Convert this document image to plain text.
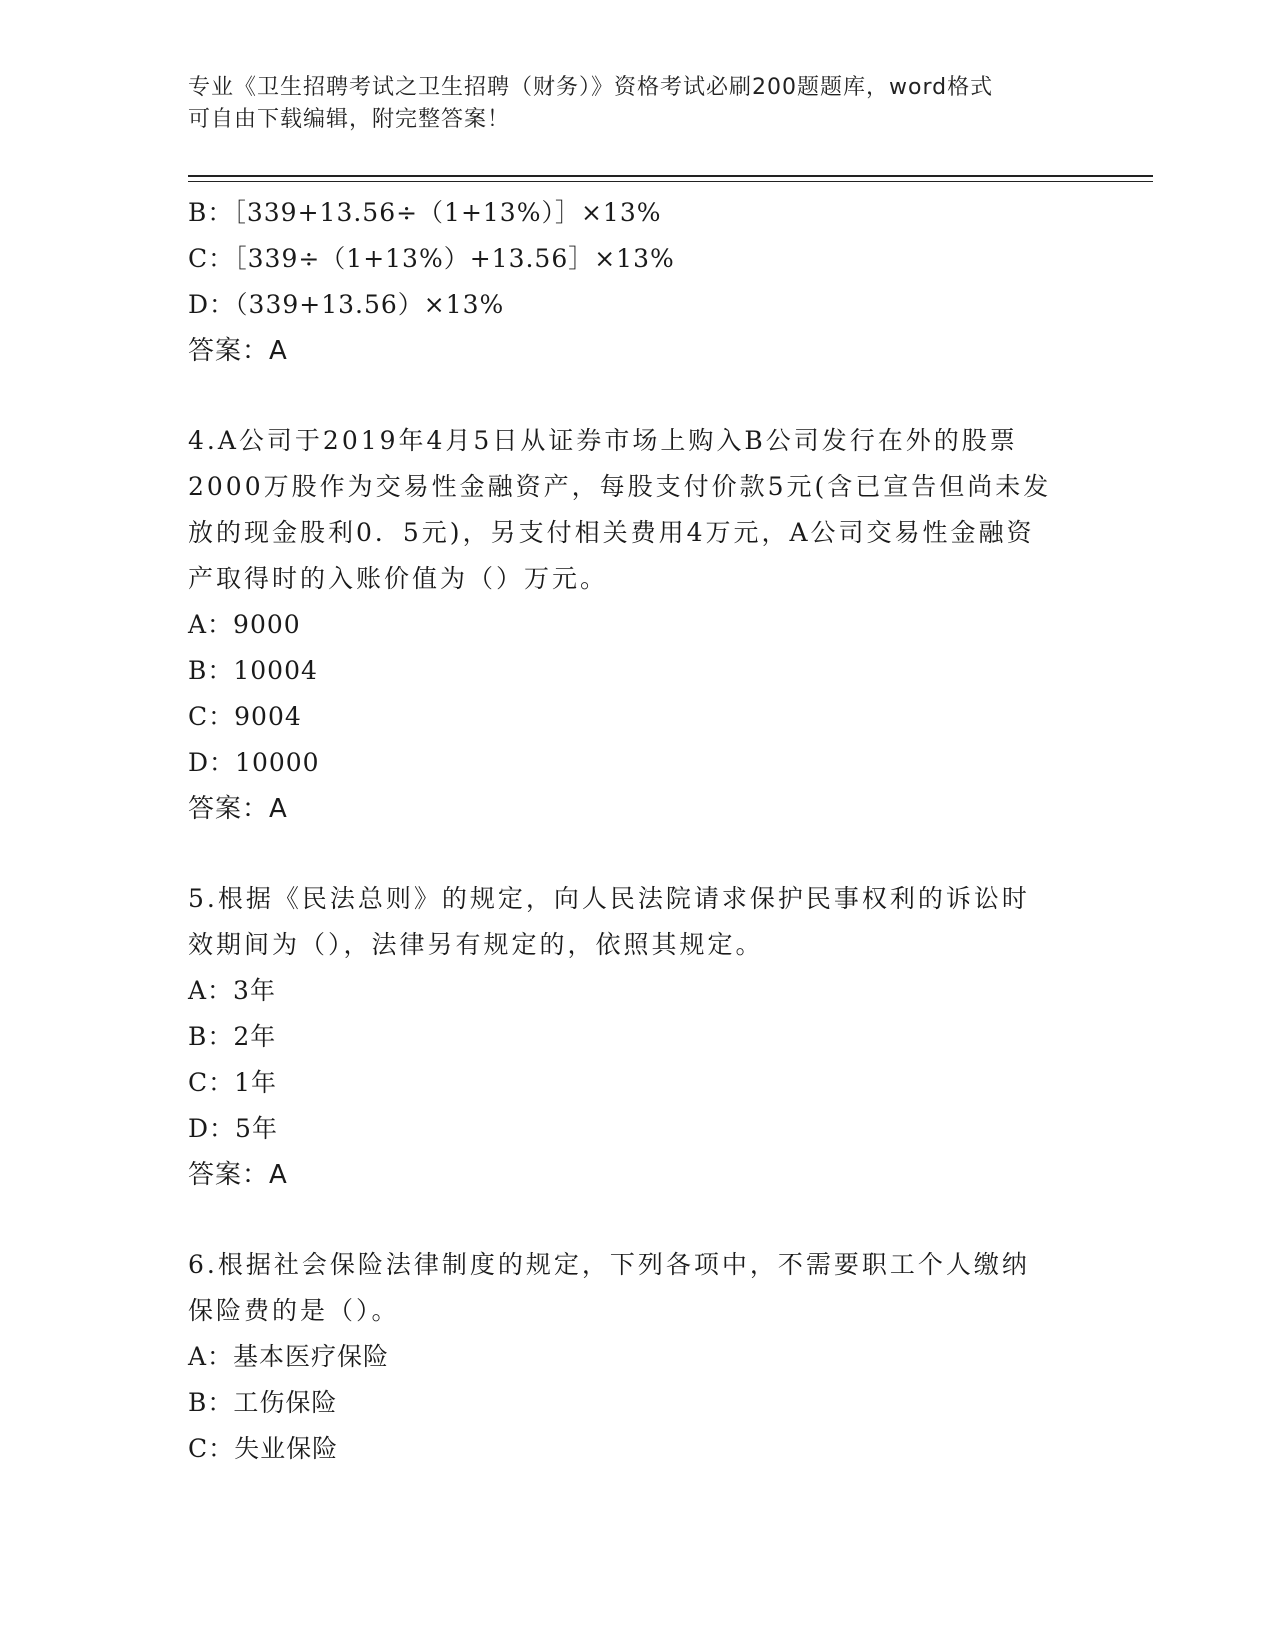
专业《卫生招聘考试之卫生招聘（财务）》资格考试必刷200题题库，word格式
可自由下载编辑，附完整答案！
B：［339+13.56÷（1+13%）］×13%
C：［339÷（1+13%）+13.56］×13%
D：（339+13.56）×13%
答案：A
4.A公司于2019年4月5日从证券市场上购入B公司发行在外的股票
2000万股作为交易性金融资产，每股支付价款5元(含已宣告但尚未发
放的现金股利0．5元)，另支付相关费用4万元，A公司交易性金融资
产取得时的入账价值为（）万元。
A：9000
B：10004
C：9004
D：10000
答案：A
5.根据《民法总则》的规定，向人民法院请求保护民事权利的诉讼时
效期间为（），法律另有规定的，依照其规定。
A：3年
B：2年
C：1年
D：5年
答案：A
6.根据社会保险法律制度的规定，下列各项中，不需要职工个人缴纳
保险费的是（）。
A：基本医疗保险
B：工伤保险
C：失业保险
